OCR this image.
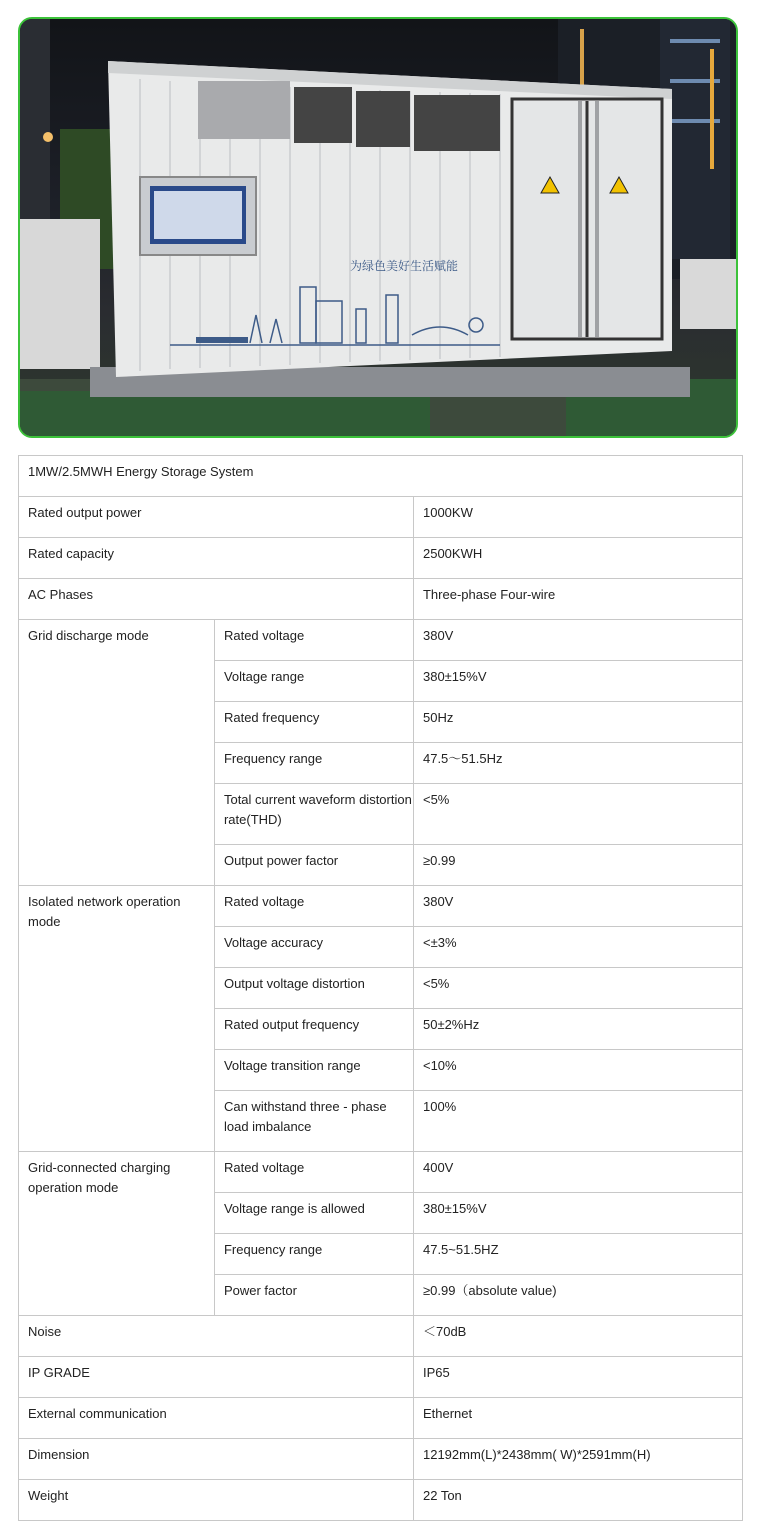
为绿色美好生活赋能
1MW/2.5MWH Energy Storage System		
Rated output power		1000KW
Rated capacity		2500KWH
AC Phases		Three-phase Four-wire
Grid discharge mode	Rated voltage	380V
	Voltage range	380±15%V
	Rated frequency	50Hz
	Frequency range	47.5～51.5Hz
	Total current waveform distortion rate(THD)	<5%
	Output power factor	≥0.99
Isolated network operation mode	Rated voltage	380V
	Voltage accuracy	<±3%
	Output voltage distortion	<5%
	Rated output frequency	50±2%Hz
	Voltage transition range	<10%
	Can withstand three - phase load imbalance	100%
Grid-connected charging operation mode	Rated voltage	400V
	Voltage range is allowed	380±15%V
	Frequency range	47.5~51.5HZ
	Power factor	≥0.99（absolute value)
Noise		＜70dB
IP GRADE		IP65
External communication		Ethernet
Dimension		12192mm(L)*2438mm( W)*2591mm(H)
Weight		22 Ton
